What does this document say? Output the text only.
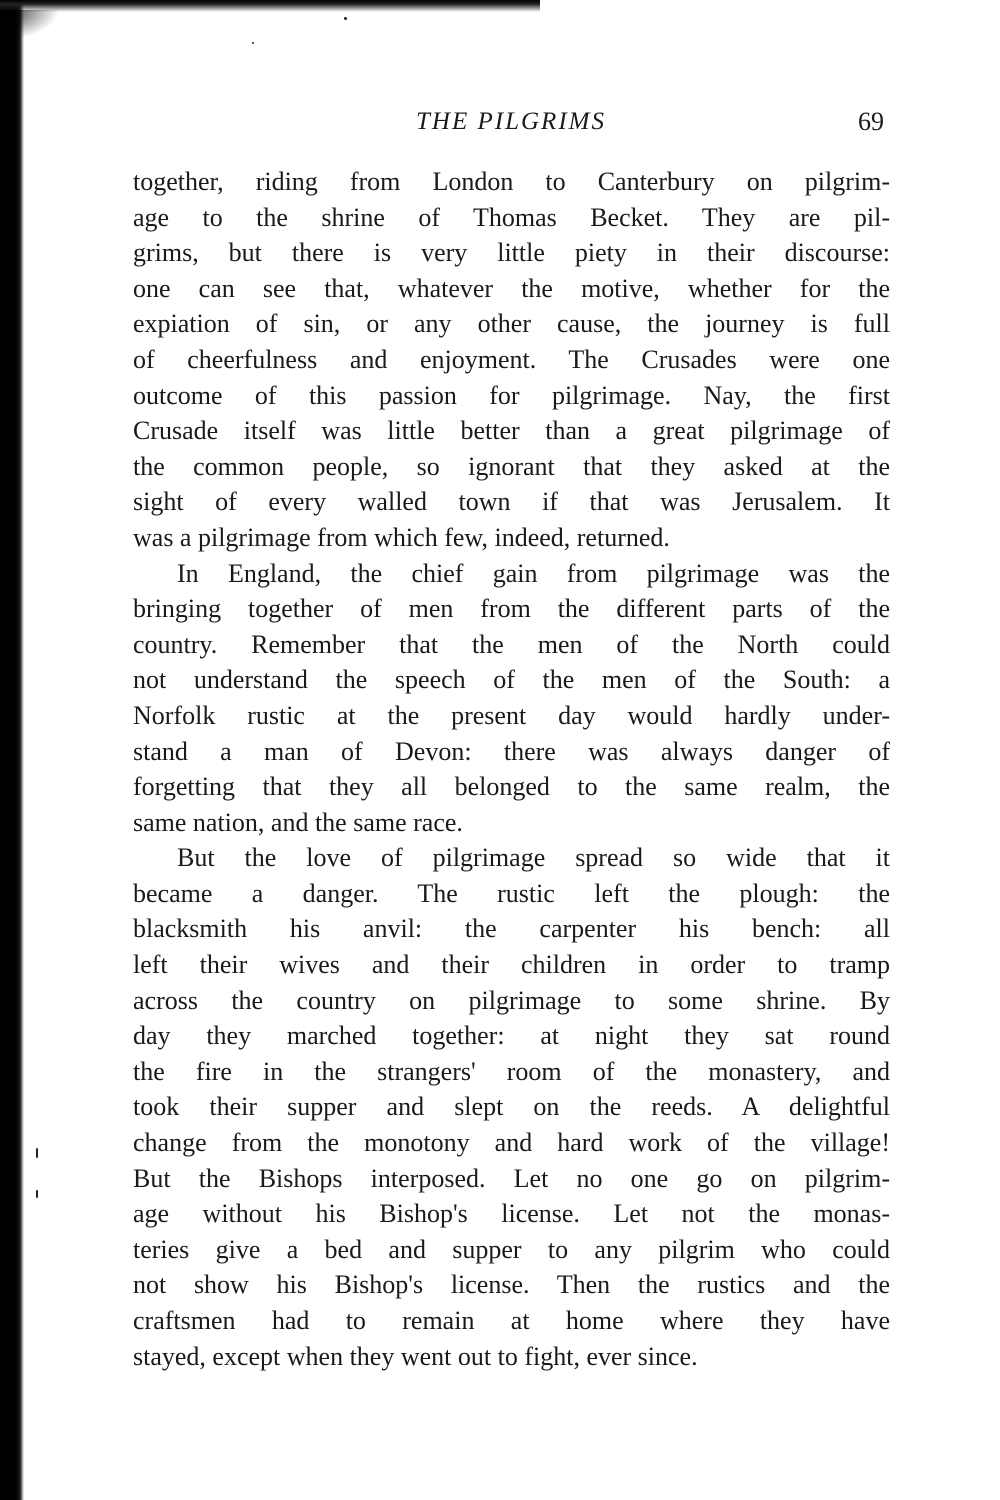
THE PILGRIMS	69
together, riding from London to Canterbury on pilgrim-
age to the shrine of Thomas Becket. They are pil-
grims, but there is very little piety in their discourse:
one can see that, whatever the motive, whether for the
expiation of sin, or any other cause, the journey is full
of cheerfulness and enjoyment. The Crusades were one
outcome of this passion for pilgrimage. Nay, the first
Crusade itself was little better than a great pilgrimage of
the common people, so ignorant that they asked at the
sight of every walled town if that was Jerusalem. It
was a pilgrimage from which few, indeed, returned.
In England, the chief gain from pilgrimage was the
bringing together of men from the different parts of the
country. Remember that the men of the North could
not understand the speech of the men of the South: a
Norfolk rustic at the present day would hardly under-
stand a man of Devon: there was always danger of
forgetting that they all belonged to the same realm, the
same nation, and the same race.
But the love of pilgrimage spread so wide that it
became a danger. The rustic left the plough: the
blacksmith his anvil: the carpenter his bench: all
left their wives and their children in order to tramp
across the country on pilgrimage to some shrine. By
day they marched together: at night they sat round
the fire in the strangers' room of the monastery, and
took their supper and slept on the reeds. A delightful
change from the monotony and hard work of the village!
But the Bishops interposed. Let no one go on pilgrim-
age without his Bishop's license. Let not the monas-
teries give a bed and supper to any pilgrim who could
not show his Bishop's license. Then the rustics and the
craftsmen had to remain at home where they have
stayed, except when they went out to fight, ever since.
